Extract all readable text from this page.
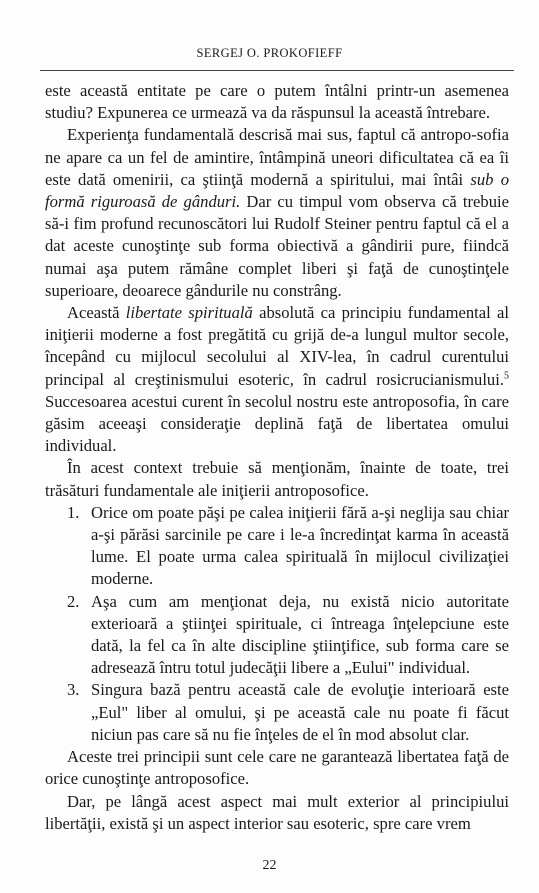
SERGEJ O. PROKOFIEFF

este această entitate pe care o putem întâlni printr-un asemenea studiu? Expunerea ce urmează va da răspunsul la această întrebare.

Experienţa fundamentală descrisă mai sus, faptul că antropo-sofia ne apare ca un fel de amintire, întâmpină uneori dificultatea că ea îi este dată omenirii, ca ştiinţă modernă a spiritului, mai întâi sub o formă riguroasă de gânduri. Dar cu timpul vom observa că trebuie să-i fim profund recunoscători lui Rudolf Steiner pentru faptul că el a dat aceste cunoştinţe sub forma obiectivă a gândirii pure, fiindcă numai aşa putem rămâne complet liberi şi faţă de cunoştinţele superioare, deoarece gândurile nu constrâng.

Această libertate spirituală absolută ca principiu fundamental al iniţierii moderne a fost pregătită cu grijă de-a lungul multor secole, începând cu mijlocul secolului al XIV-lea, în cadrul curentului principal al creştinismului esoteric, în cadrul rosicrucianismului.$^5$ Succesoarea acestui curent în secolul nostru este antroposofia, în care găsim aceeaşi consideraţie deplină faţă de libertatea omului individual.

În acest context trebuie să menţionăm, înainte de toate, trei trăsături fundamentale ale iniţierii antroposofice.

1. Orice om poate păşi pe calea iniţierii fără a-şi neglija sau chiar a-şi părăsi sarcinile pe care i le-a încredinţat karma în această lume. El poate urma calea spirituală în mijlocul civilizaţiei moderne.
2. Aşa cum am menţionat deja, nu există nicio autoritate exterioară a ştiinţei spirituale, ci întreaga înţelepciune este dată, la fel ca în alte discipline ştiinţifice, sub forma care se adresează întru totul judecăţii libere a „Eului" individual.
3. Singura bază pentru această cale de evoluţie interioară este „Eul" liber al omului, şi pe această cale nu poate fi făcut niciun pas care să nu fie înţeles de el în mod absolut clar.

Aceste trei principii sunt cele care ne garantează libertatea faţă de orice cunoştinţe antroposofice.

Dar, pe lângă acest aspect mai mult exterior al principiului libertăţii, există şi un aspect interior sau esoteric, spre care vrem

22
